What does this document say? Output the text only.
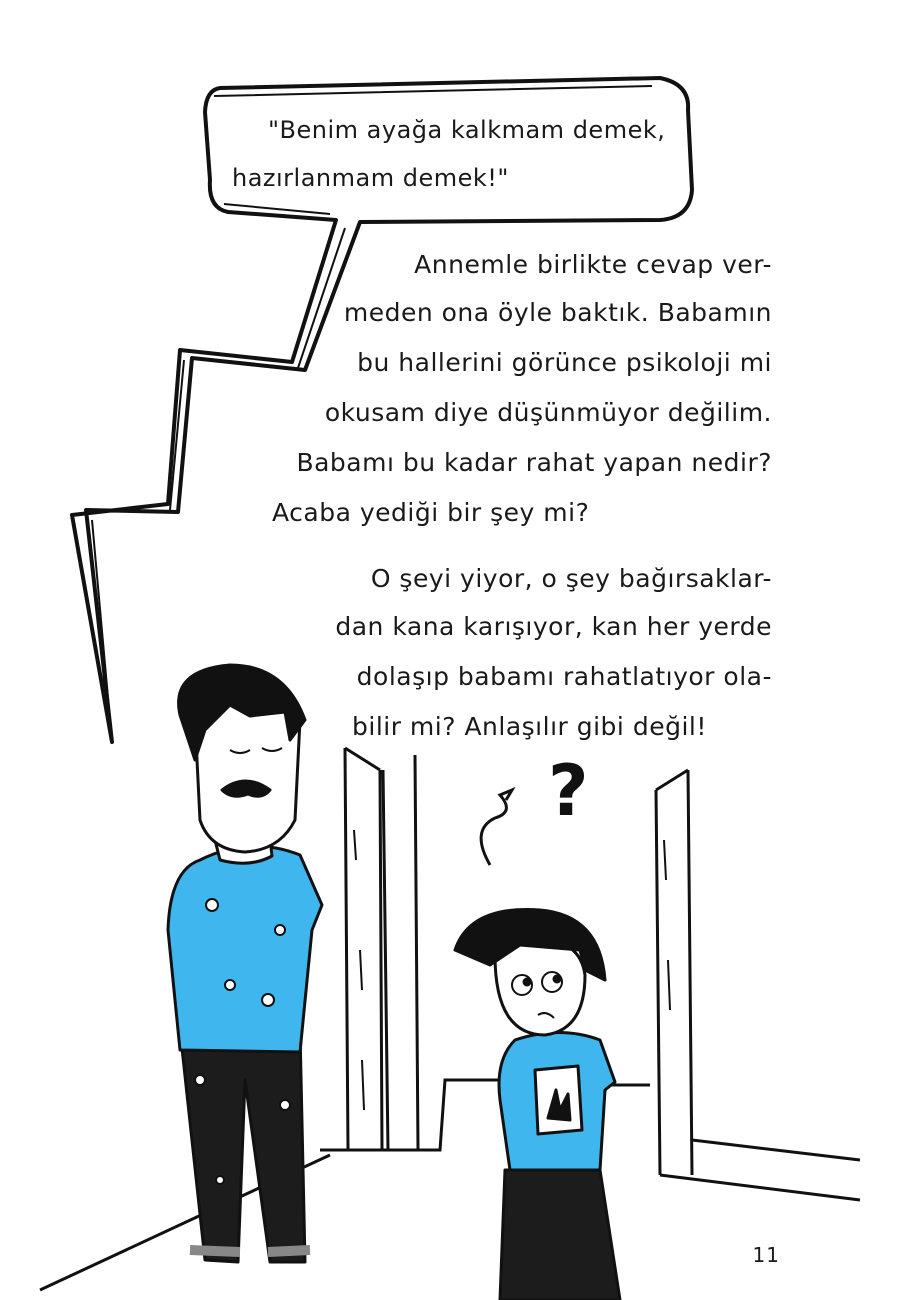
?
"Benim ayağa kalkmam demek,
hazırlanmam demek!"
Annemle birlikte cevap ver-
meden ona öyle baktık. Babamın
bu hallerini görünce psikoloji mi
okusam diye düşünmüyor değilim.
Babamı bu kadar rahat yapan nedir?
Acaba yediği bir şey mi?
O şeyi yiyor, o şey bağırsaklar-
dan kana karışıyor, kan her yerde
dolaşıp babamı rahatlatıyor ola-
bilir mi? Anlaşılır gibi değil!
11
